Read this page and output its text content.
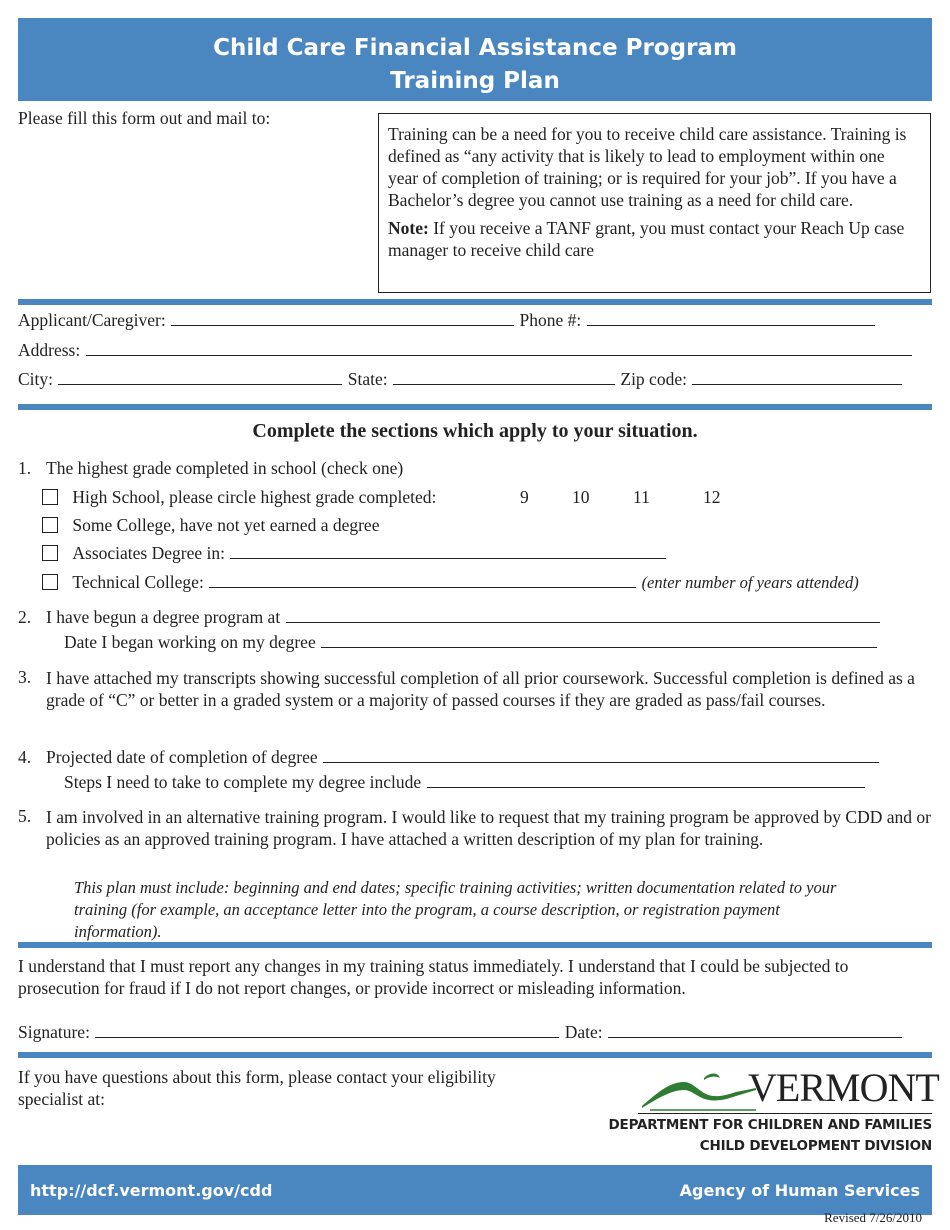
Child Care Financial Assistance Program
Training Plan
Please fill this form out and mail to:

Training can be a need for you to receive child care assistance. Training is defined as “any activity that is likely to lead to employment within one year of completion of training; or is required for your job”. If you have a Bachelor’s degree you cannot use training as a need for child care.

Note: If you receive a TANF grant, you must contact your Reach Up case manager to receive child care

Applicant/Caregiver:	Phone #:
Address:
City:	State:	Zip code:
Complete the sections which apply to your situation.
1. The highest grade completed in school (check one)
High School, please circle highest grade completed:	9 10 11	12
Some College, have not yet earned a degree
Associates Degree in:
Technical College:	(enter number of years attended)
2. I have begun a degree program at
Date I began working on my degree
3. I have attached my transcripts showing successful completion of all prior coursework. Successful completion is defined as a grade of “C” or better in a graded system or a majority of passed courses if they are graded as pass/fail courses.
4. Projected date of completion of degree
Steps I need to take to complete my degree include
5. I am involved in an alternative training program. I would like to request that my training program be approved by CDD and or policies as an approved training program. I have attached a written description of my plan for training.
This plan must include: beginning and end dates; specific training activities; written documentation related to your training (for example, an acceptance letter into the program, a course description, or registration payment information).
I understand that I must report any changes in my training status immediately. I understand that I could be subjected to prosecution for fraud if I do not report changes, or provide incorrect or misleading information.
Signature:	Date:
If you have questions about this form, please contact your eligibility specialist at:	VERMONT
DEPARTMENT FOR CHILDREN AND FAMILIES
CHILD DEVELOPMENT DIVISION
http://dcf.vermont.gov/cdd	Agency of Human Services
Revised 7/26/2010
